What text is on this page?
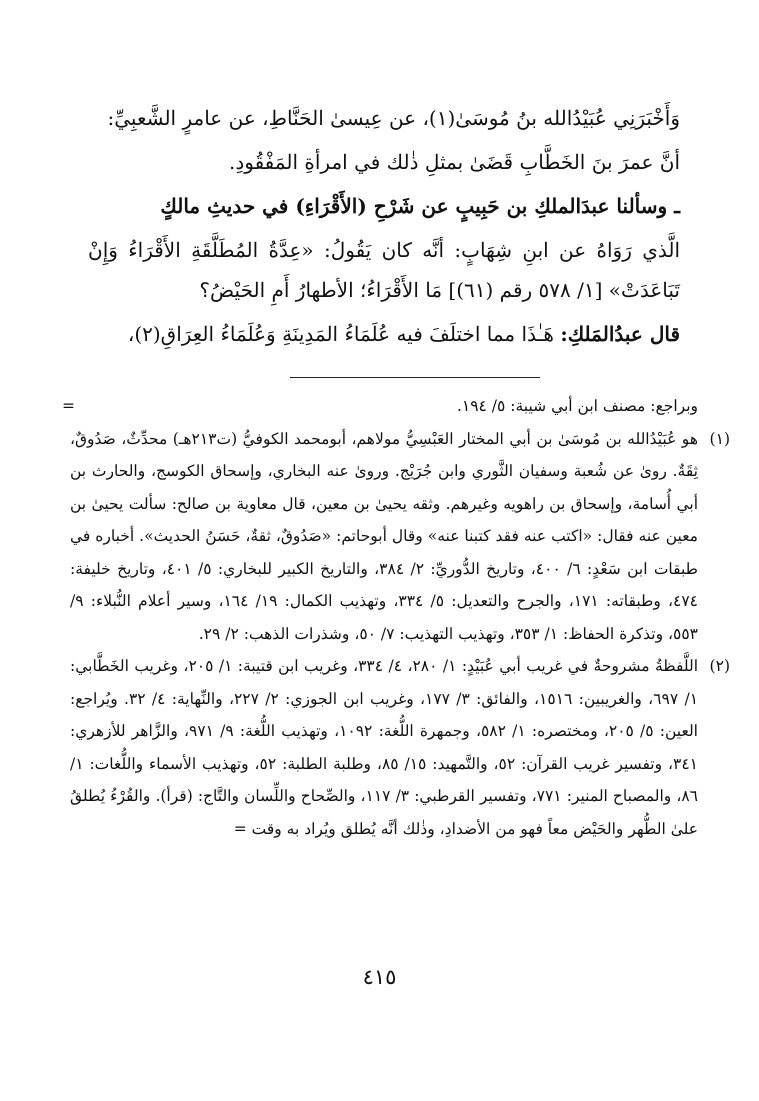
وَأَخْبَرَنِي عُبَيْدُالله بنُ مُوسَىٰ(١)، عن عِيسىٰ الحَنَّاطِ، عن عامرٍ الشَّعبِيِّ:

أنَّ عمرَ بنَ الخَطَّابِ قَضَىٰ بمثلِ ذٰلك في امرأةِ المَفْقُودِ.

ـ وسألنا عبدَالملكِ بن حَبِيبٍ عن شَرْحِ (الأَقْرَاءِ) في حديثِ مالكٍ

الَّذي رَوَاهُ عن ابنِ شِهَابٍ: أنَّه كان يَقُولُ: «عِدَّةُ المُطَلَّقَةِ الأَقْرَاءُ وَإِنْ تَبَاعَدَتْ» [١/ ٥٧٨ رقم (٦١)] مَا الأَقْرَاءُ؛ الأطهارُ أَمِ الحَيْضُ؟

قال عبدُالمَلكِ: هَـٰذَا مما اختلَفَ فيه عُلَمَاءُ المَدِينَةِ وَعُلَمَاءُ العِرَاقِ(٢)،

وبراجع: مصنف ابن أبي شيبة: ٥/ ١٩٤.
=

(١)

هو عُبَيْدُالله بن مُوسَىٰ بن أبي المختار العَبْسِيُّ مولاهم، أبومحمد الكوفيُّ (ت٢١٣هـ) محدِّثٌ، صَدُوقٌ، ثِقَةٌ. روىٰ عن شُعبة وسفيان الثَّوري وابن جُرَيْج. وروىٰ عنه البخاري، وإسحاق الكوسج، والحارث بن أبي أُسامة، وإسحاق بن راهويه وغيرهم. وثقه يحيىٰ بن معين، قال معاوية بن صالح: سألت يحيىٰ بن معين عنه فقال: «اكتب عنه فقد كتبنا عنه» وقال أبوحاتم: «صَدُوقٌ، ثقةٌ، حَسَنُ الحديث». أخباره في طبقات ابن سَعْدٍ: ٦/ ٤٠٠، وتاريخ الدُّوريِّ: ٢/ ٣٨٤، والتاريخ الكبير للبخاري: ٥/ ٤٠١، وتاريخ خليفة: ٤٧٤، وطبقاته: ١٧١، والجرح والتعديل: ٥/ ٣٣٤، وتهذيب الكمال: ١٩/ ١٦٤، وسير أعلام النُّبلاء: ٩/ ٥٥٣، وتذكرة الحفاظ: ١/ ٣٥٣، وتهذيب التهذيب: ٧/ ٥٠، وشذرات الذهب: ٢/ ٢٩.

(٢)

اللَّفظةُ مشروحةٌ في غريب أبي عُبَيْدٍ: ١/ ٢٨٠، ٤/ ٣٣٤، وغريب ابن قتيبة: ١/ ٢٠٥، وغريب الخَطَّابي: ١/ ٦٩٧، والغريبين: ١٥١٦، والفائق: ٣/ ١٧٧، وغريب ابن الجوزي: ٢/ ٢٢٧، والنِّهاية: ٤/ ٣٢. ويُراجع: العين: ٥/ ٢٠٥، ومختصره: ١/ ٥٨٢، وجمهرة اللُّغة: ١٠٩٢، وتهذيب اللُّغة: ٩/ ٩٧١، والزَّاهر للأزهري: ٣٤١، وتفسير غريب القرآن: ٥٢، والتَّمهيد: ١٥/ ٨٥، وطلبة الطلبة: ٥٢، وتهذيب الأسماء واللُّغات: ١/ ٨٦، والمصباح المنير: ٧٧١، وتفسير القرطبي: ٣/ ١١٧، والصِّحاح واللِّسان والتَّاج: (قرأ). والقُرْءُ يُطلقُ علىٰ الطُّهر والحَيْض معاً فهو من الأضدادِ، وذٰلك أنَّه يُطلق ويُراد به وقت =

٤١٥
